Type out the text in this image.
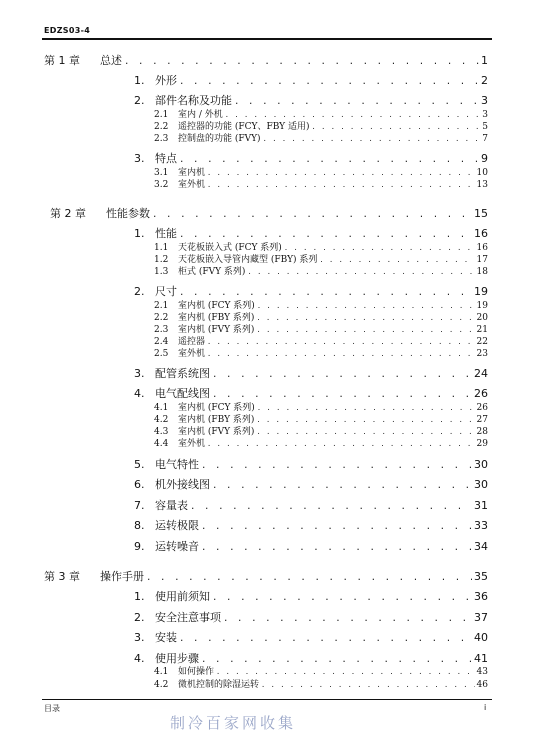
EDZS03-4
第 1 章	总述 . . .	1
1. 外形 . . .	2
2. 部件名称及功能 . . .	3
2.1	室内 / 外机 . . .	3
2.2	遥控器的功能 (FCY、FBY 适用) . . .	5
2.3	控制盘的功能 (FVY) . . .	7
3. 特点 . . .	9
3.1	室内机 . . .	10
3.2	室外机 . . .	13
第 2 章	性能参数 . . .	15
1. 性能 . . .	16
1.1	天花板嵌入式 (FCY 系列) . . .	16
1.2	天花板嵌入导管内藏型 (FBY) 系列 . . .	17
1.3	柜式 (FVY 系列) . . .	18
2. 尺寸 . . .	19
2.1	室内机 (FCY 系列) . . .	19
2.2	室内机 (FBY 系列) . . .	20
2.3	室内机 (FVY 系列) . . .	21
2.4	遥控器 . . .	22
2.5	室外机 . . .	23
3. 配管系统图 . . .	24
4. 电气配线图 . . .	26
4.1	室内机 (FCY 系列) . . .	26
4.2	室内机 (FBY 系列) . . .	27
4.3	室内机 (FVY 系列) . . .	28
4.4	室外机 . . .	29
5. 电气特性 . . .	30
6. 机外接线图 . . .	30
7. 容量表 . . .	31
8. 运转极限 . . .	33
9. 运转噪音 . . .	34
第 3 章	操作手册 . . .	35
1. 使用前须知 . . .	36
2. 安全注意事项 . . .	37
3. 安装 . . .	40
4. 使用步骤 . . .	41
4.1	如何操作 . . .	43
4.2	微机控制的除湿运转 . . .	46
目录	i
制冷百家网收集
